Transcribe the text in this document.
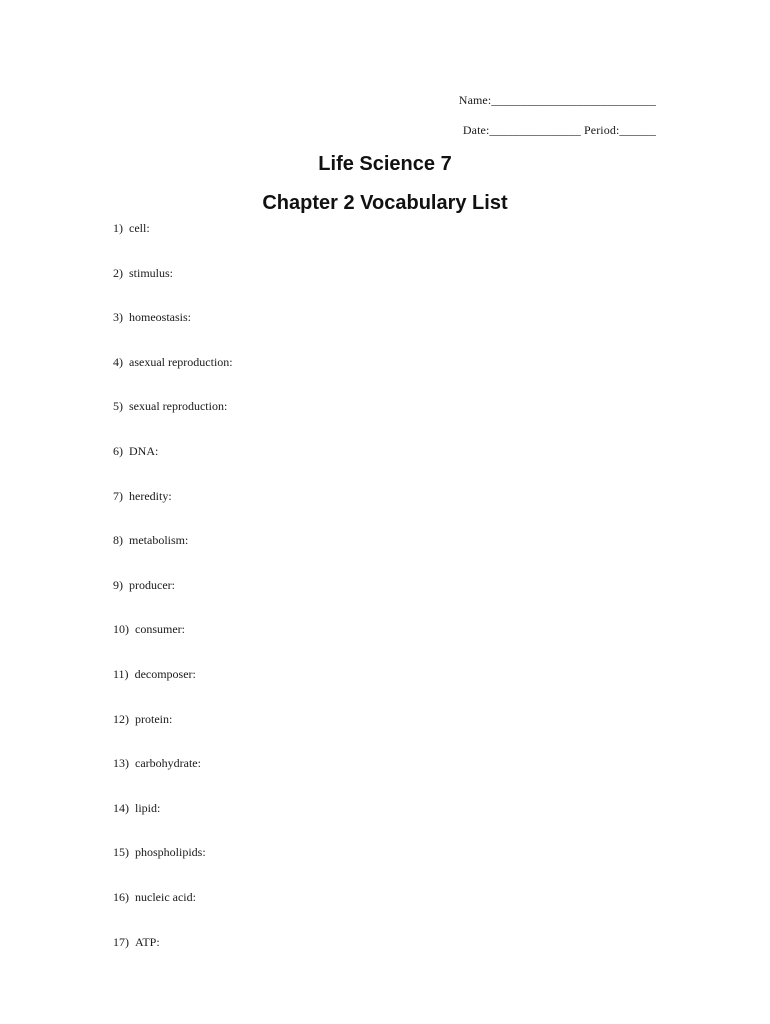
Name:___________________________
Date:_______________ Period:______
Life Science 7
Chapter 2 Vocabulary List
1) cell:
2) stimulus:
3) homeostasis:
4) asexual reproduction:
5) sexual reproduction:
6) DNA:
7) heredity:
8) metabolism:
9) producer:
10) consumer:
11) decomposer:
12) protein:
13) carbohydrate:
14) lipid:
15) phospholipids:
16) nucleic acid:
17) ATP:
